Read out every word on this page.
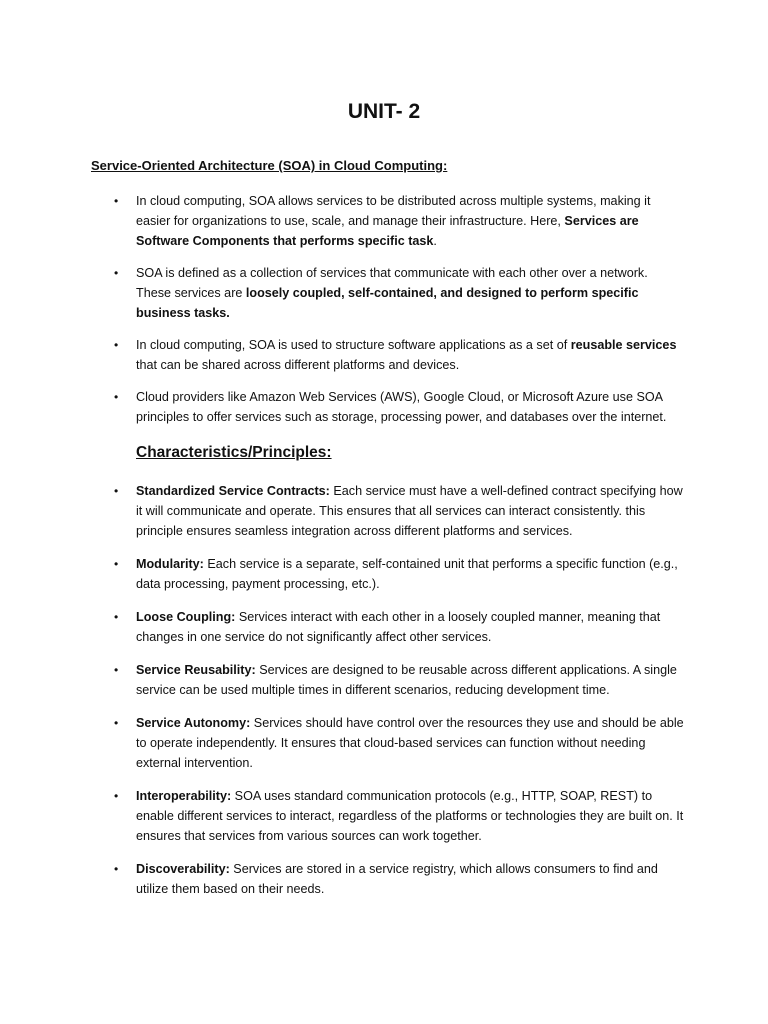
UNIT- 2

Service-Oriented Architecture (SOA) in Cloud Computing:

• In cloud computing, SOA allows services to be distributed across multiple systems, making it easier for organizations to use, scale, and manage their infrastructure. Here, Services are Software Components that performs specific task.
• SOA is defined as a collection of services that communicate with each other over a network. These services are loosely coupled, self-contained, and designed to perform specific business tasks.
• In cloud computing, SOA is used to structure software applications as a set of reusable services that can be shared across different platforms and devices.
• Cloud providers like Amazon Web Services (AWS), Google Cloud, or Microsoft Azure use SOA principles to offer services such as storage, processing power, and databases over the internet.
Characteristics/Principles:
• Standardized Service Contracts: Each service must have a well-defined contract specifying how it will communicate and operate. This ensures that all services can interact consistently. this principle ensures seamless integration across different platforms and services.
• Modularity: Each service is a separate, self-contained unit that performs a specific function (e.g., data processing, payment processing, etc.).
• Loose Coupling: Services interact with each other in a loosely coupled manner, meaning that changes in one service do not significantly affect other services.
• Service Reusability: Services are designed to be reusable across different applications. A single service can be used multiple times in different scenarios, reducing development time.
• Service Autonomy: Services should have control over the resources they use and should be able to operate independently. It ensures that cloud-based services can function without needing external intervention.
• Interoperability: SOA uses standard communication protocols (e.g., HTTP, SOAP, REST) to enable different services to interact, regardless of the platforms or technologies they are built on. It ensures that services from various sources can work together.
• Discoverability: Services are stored in a service registry, which allows consumers to find and utilize them based on their needs.
